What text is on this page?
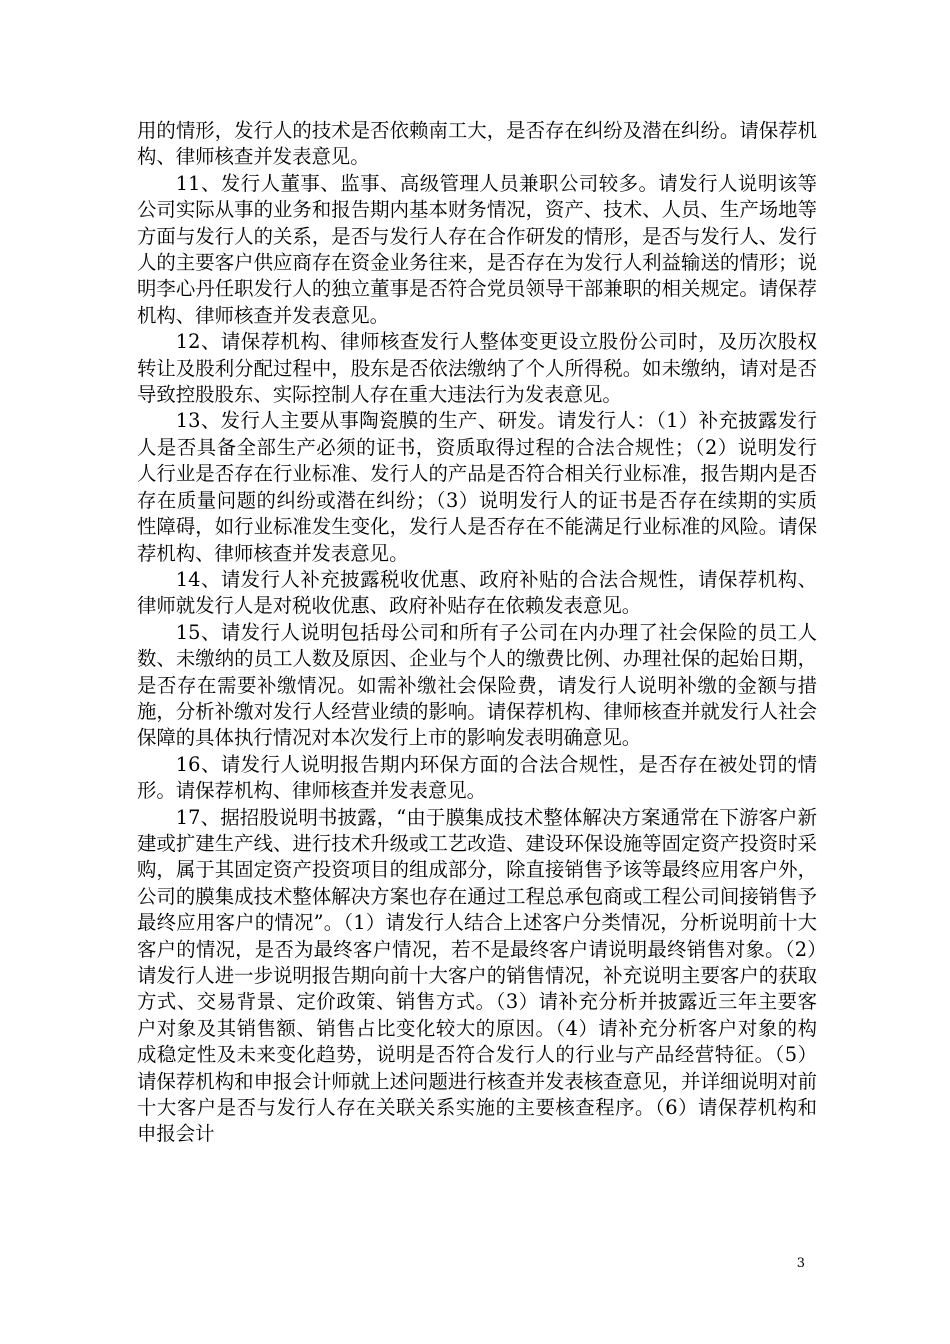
用的情形，发行人的技术是否依赖南工大，是否存在纠纷及潜在纠纷。请保荐机构、律师核查并发表意见。

11、发行人董事、监事、高级管理人员兼职公司较多。请发行人说明该等公司实际从事的业务和报告期内基本财务情况，资产、技术、人员、生产场地等方面与发行人的关系，是否与发行人存在合作研发的情形，是否与发行人、发行人的主要客户供应商存在资金业务往来，是否存在为发行人利益输送的情形；说明李心丹任职发行人的独立董事是否符合党员领导干部兼职的相关规定。请保荐机构、律师核查并发表意见。

12、请保荐机构、律师核查发行人整体变更设立股份公司时，及历次股权转让及股利分配过程中，股东是否依法缴纳了个人所得税。如未缴纳，请对是否导致控股股东、实际控制人存在重大违法行为发表意见。

13、发行人主要从事陶瓷膜的生产、研发。请发行人：（1）补充披露发行人是否具备全部生产必须的证书，资质取得过程的合法合规性；（2）说明发行人行业是否存在行业标准、发行人的产品是否符合相关行业标准，报告期内是否存在质量问题的纠纷或潜在纠纷；（3）说明发行人的证书是否存在续期的实质性障碍，如行业标准发生变化，发行人是否存在不能满足行业标准的风险。请保荐机构、律师核查并发表意见。

14、请发行人补充披露税收优惠、政府补贴的合法合规性，请保荐机构、律师就发行人是对税收优惠、政府补贴存在依赖发表意见。

15、请发行人说明包括母公司和所有子公司在内办理了社会保险的员工人数、未缴纳的员工人数及原因、企业与个人的缴费比例、办理社保的起始日期，是否存在需要补缴情况。如需补缴社会保险费，请发行人说明补缴的金额与措施，分析补缴对发行人经营业绩的影响。请保荐机构、律师核查并就发行人社会保障的具体执行情况对本次发行上市的影响发表明确意见。

16、请发行人说明报告期内环保方面的合法合规性，是否存在被处罚的情形。请保荐机构、律师核查并发表意见。

17、据招股说明书披露，“由于膜集成技术整体解决方案通常在下游客户新建或扩建生产线、进行技术升级或工艺改造、建设环保设施等固定资产投资时采购，属于其固定资产投资项目的组成部分，除直接销售予该等最终应用客户外，公司的膜集成技术整体解决方案也存在通过工程总承包商或工程公司间接销售予最终应用客户的情况”。（1）请发行人结合上述客户分类情况，分析说明前十大客户的情况，是否为最终客户情况，若不是最终客户请说明最终销售对象。（2）请发行人进一步说明报告期向前十大客户的销售情况，补充说明主要客户的获取方式、交易背景、定价政策、销售方式。（3）请补充分析并披露近三年主要客户对象及其销售额、销售占比变化较大的原因。（4）请补充分析客户对象的构成稳定性及未来变化趋势，说明是否符合发行人的行业与产品经营特征。（5）请保荐机构和申报会计师就上述问题进行核查并发表核查意见，并详细说明对前十大客户是否与发行人存在关联关系实施的主要核查程序。（6）请保荐机构和申报会计

3
